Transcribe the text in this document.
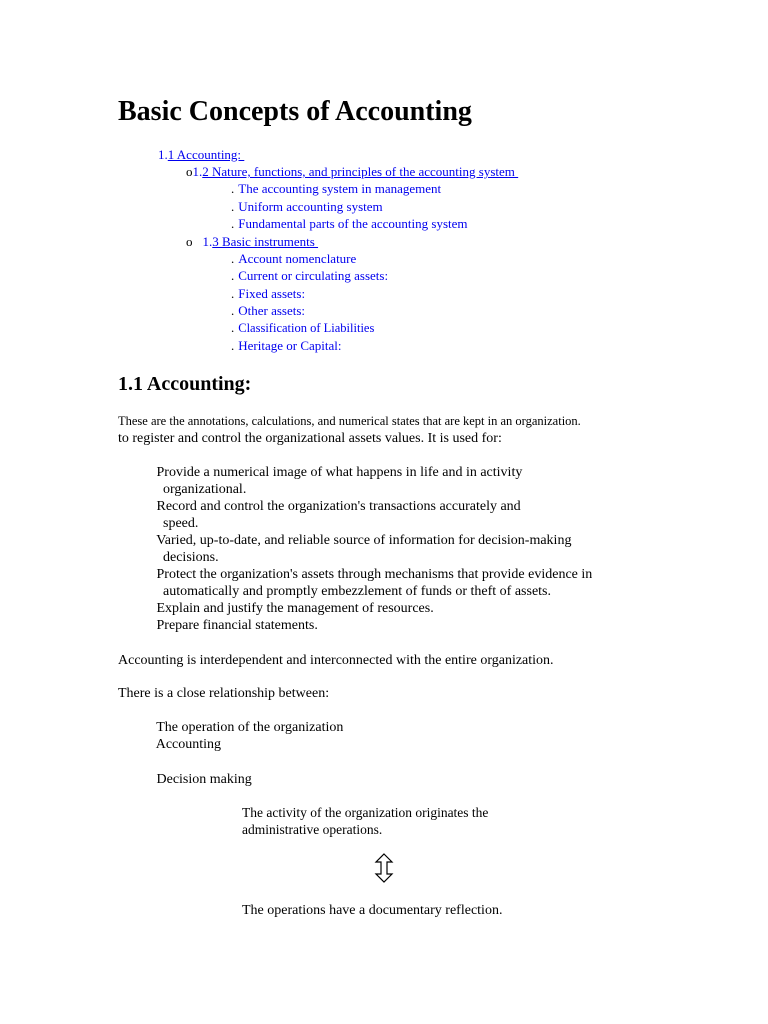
Basic Concepts of Accounting
1.1 Accounting:
o1.2 Nature, functions, and principles of the accounting system
. The accounting system in management
. Uniform accounting system
. Fundamental parts of the accounting system
o 1.3 Basic instruments
. Account nomenclature
. Current or circulating assets:
. Fixed assets:
. Other assets:
. Classification of Liabilities
. Heritage or Capital:
1.1 Accounting:
These are the annotations, calculations, and numerical states that are kept in an organization.
to register and control the organizational assets values. It is used for:
Provide a numerical image of what happens in life and in activity
organizational.
Record and control the organization's transactions accurately and
speed.
Varied, up-to-date, and reliable source of information for decision-making
decisions.
Protect the organization's assets through mechanisms that provide evidence in
automatically and promptly embezzlement of funds or theft of assets.
Explain and justify the management of resources.
Prepare financial statements.
Accounting is interdependent and interconnected with the entire organization.
There is a close relationship between:
The operation of the organization
Accounting
Decision making
The activity of the organization originates the
administrative operations.
The operations have a documentary reflection.
